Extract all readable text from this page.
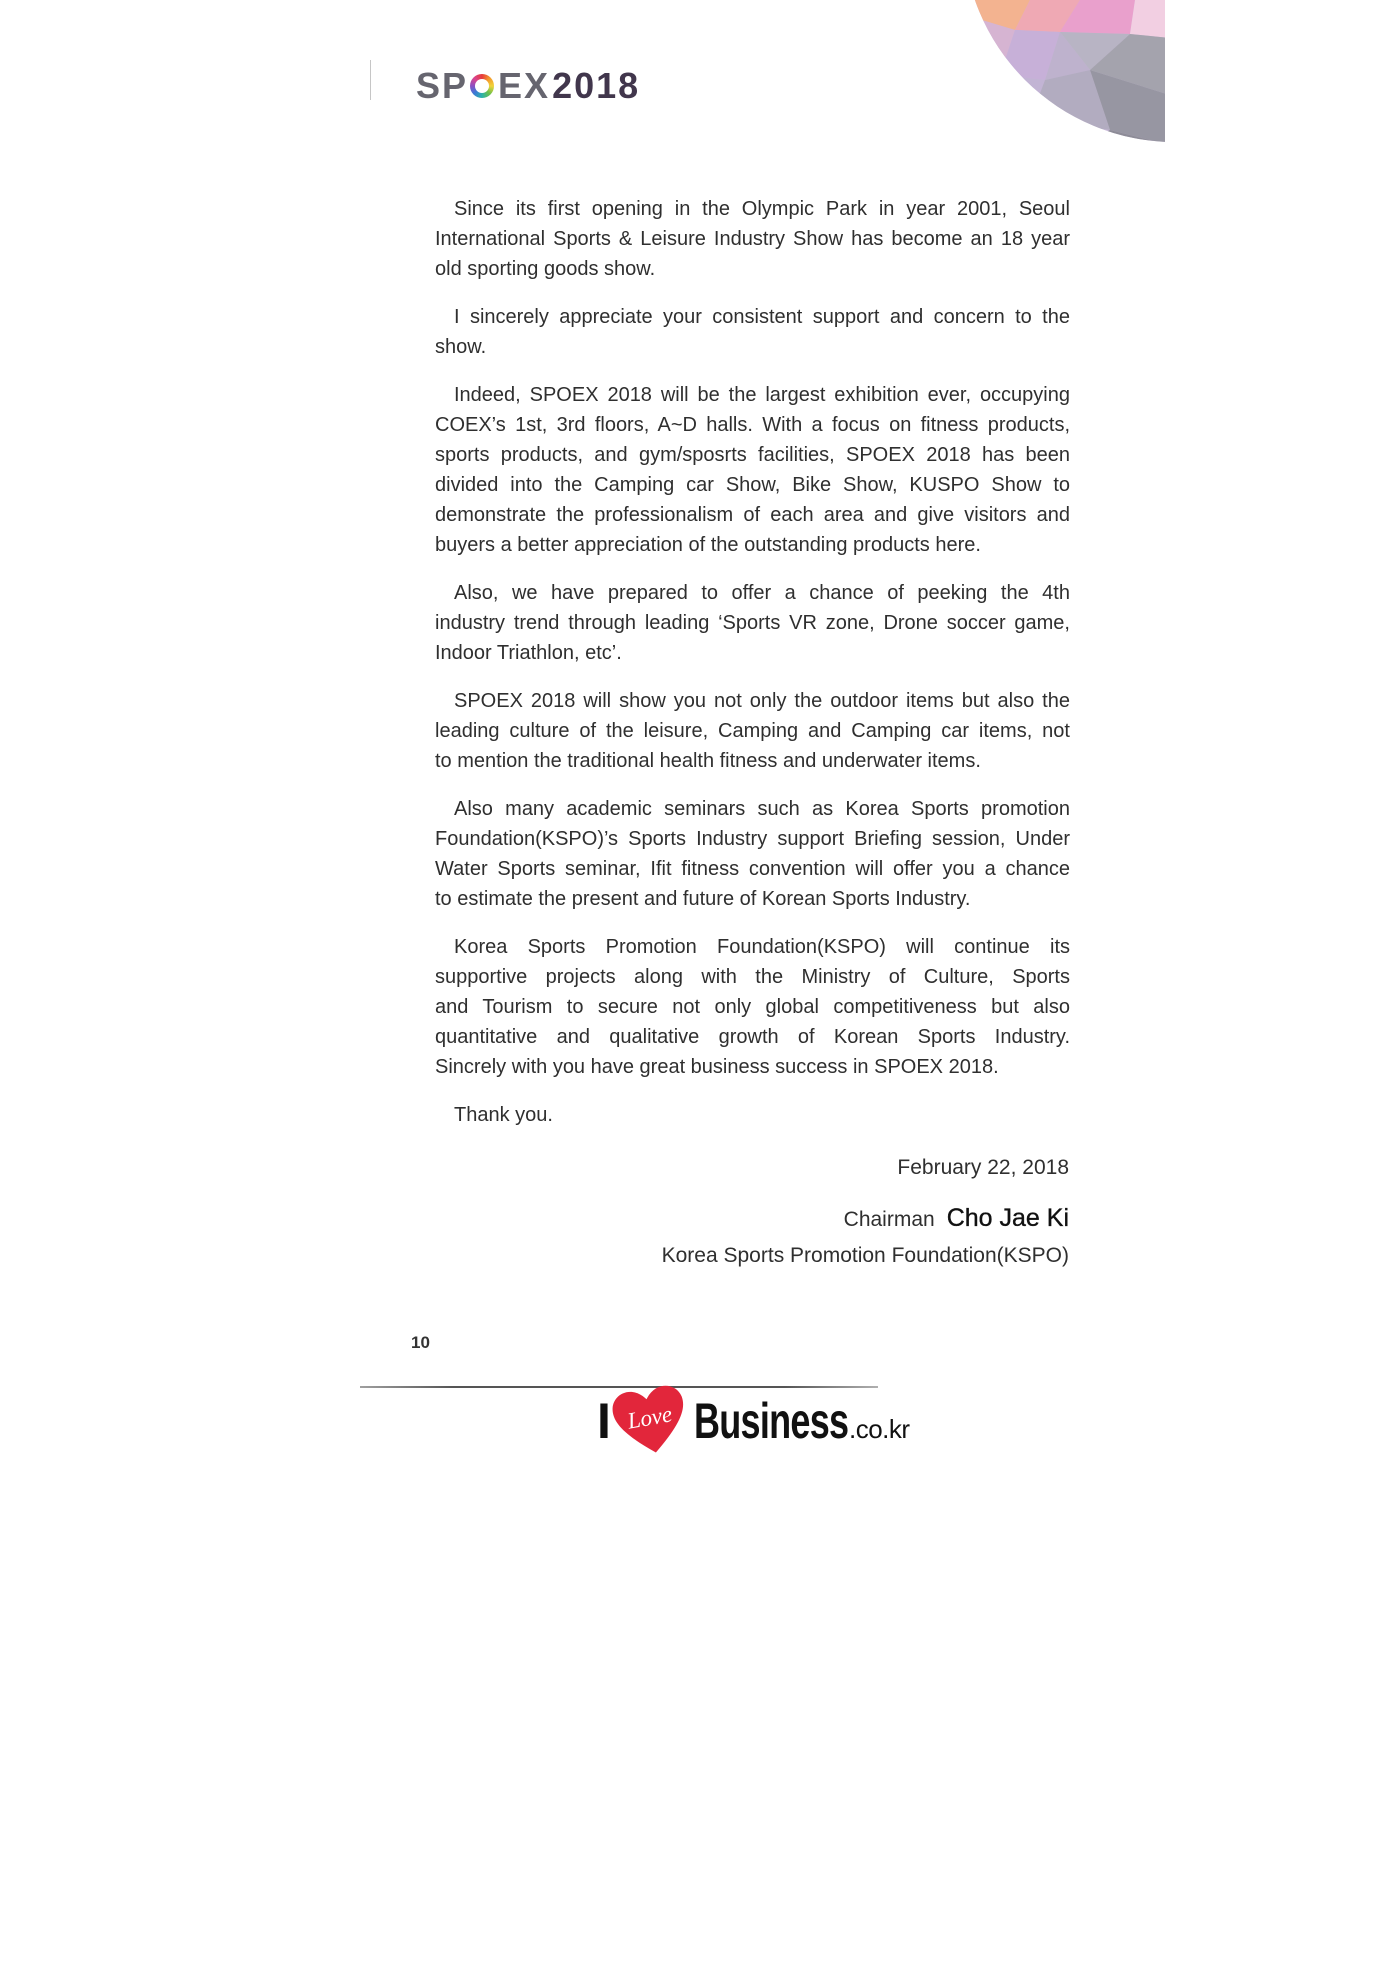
SP EX 2018
Since its first opening in the Olympic Park in year 2001, Seoul
International Sports & Leisure Industry Show has become an 18 year
old sporting goods show.
I sincerely appreciate your consistent support and concern to the
show.
Indeed, SPOEX 2018 will be the largest exhibition ever, occupying
COEX’s 1st, 3rd floors, A~D halls. With a focus on fitness products,
sports products, and gym/sposrts facilities, SPOEX 2018 has been
divided into the Camping car Show, Bike Show, KUSPO Show to
demonstrate the professionalism of each area and give visitors and
buyers a better appreciation of the outstanding products here.
Also, we have prepared to offer a chance of peeking the 4th
industry trend through leading ‘Sports VR zone, Drone soccer game,
Indoor Triathlon, etc’.
SPOEX 2018 will show you not only the outdoor items but also the
leading culture of the leisure, Camping and Camping car items, not
to mention the traditional health fitness and underwater items.
Also many academic seminars such as Korea Sports promotion
Foundation(KSPO)’s Sports Industry support Briefing session, Under
Water Sports seminar, Ifit fitness convention will offer you a chance
to estimate the present and future of Korean Sports Industry.
Korea Sports Promotion Foundation(KSPO) will continue its
supportive projects along with the Ministry of Culture, Sports
and Tourism to secure not only global competitiveness but also
quantitative and qualitative growth of Korean Sports Industry.
Sincrely with you have great business success in SPOEX 2018.
Thank you.
February 22, 2018
Chairman Cho Jae Ki
Korea Sports Promotion Foundation(KSPO)
10
I Love Business .co.kr
